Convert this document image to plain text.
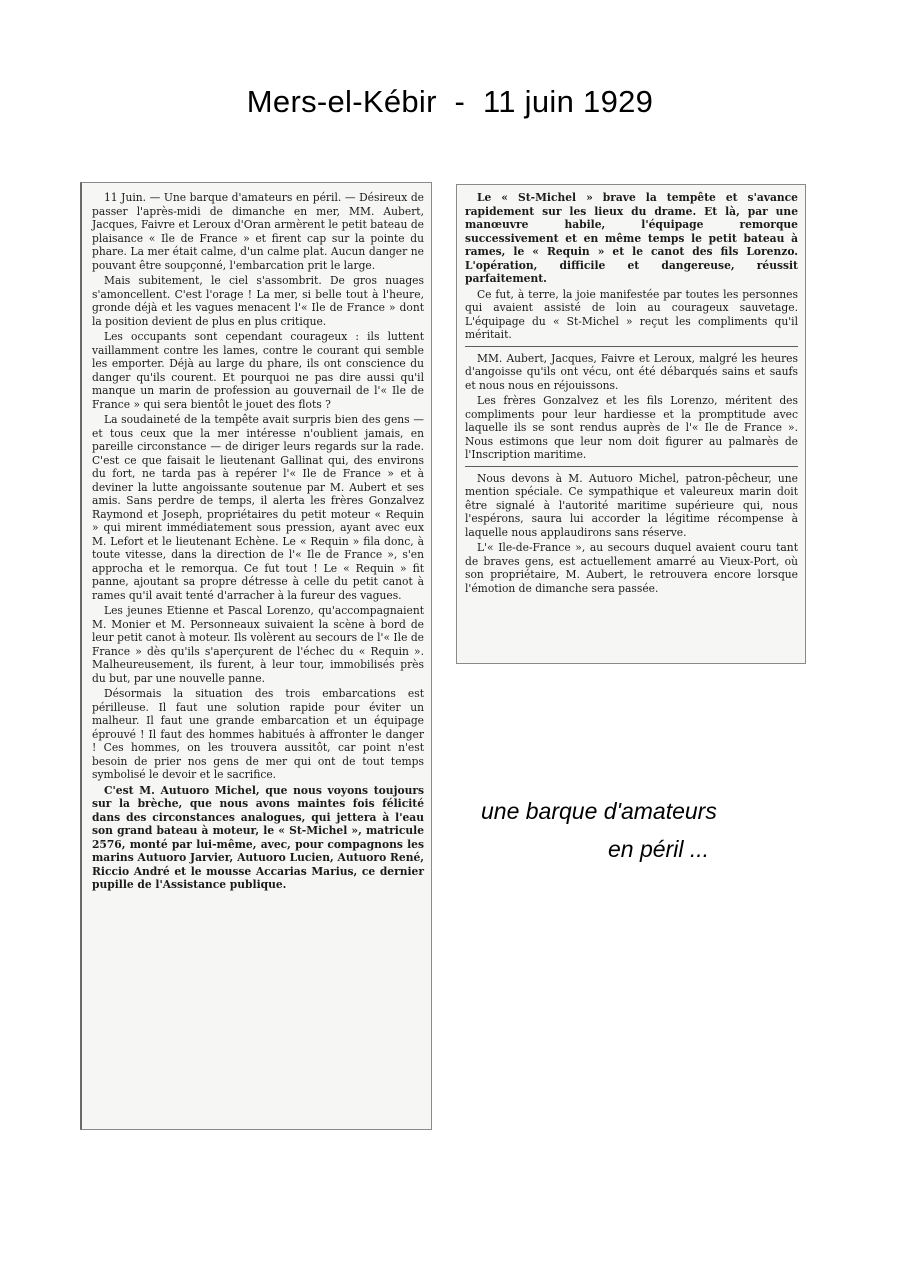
Mers-el-Kébir  -  11 juin 1929

11 Juin. — Une barque d'amateurs en péril. — Désireux de passer l'après-midi de dimanche en mer, MM. Aubert, Jacques, Faivre et Leroux d'Oran armèrent le petit bateau de plaisance « Ile de France » et firent cap sur la pointe du phare. La mer était calme, d'un calme plat. Aucun danger ne pouvant être soupçonné, l'embarcation prit le large.

Mais subitement, le ciel s'assombrit. De gros nuages s'amoncellent. C'est l'orage ! La mer, si belle tout à l'heure, gronde déjà et les vagues menacent l'« Ile de France » dont la position devient de plus en plus critique.

Les occupants sont cependant courageux : ils luttent vaillamment contre les lames, contre le courant qui semble les emporter. Déjà au large du phare, ils ont conscience du danger qu'ils courent. Et pourquoi ne pas dire aussi qu'il manque un marin de profession au gouvernail de l'« Ile de France » qui sera bientôt le jouet des flots ?

La soudaineté de la tempête avait surpris bien des gens — et tous ceux que la mer intéresse n'oublient jamais, en pareille circonstance — de diriger leurs regards sur la rade. C'est ce que faisait le lieutenant Gallinat qui, des environs du fort, ne tarda pas à repérer l'« Ile de France » et à deviner la lutte angoissante soutenue par M. Aubert et ses amis. Sans perdre de temps, il alerta les frères Gonzalvez Raymond et Joseph, propriétaires du petit moteur « Requin » qui mirent immédiatement sous pression, ayant avec eux M. Lefort et le lieutenant Echène. Le « Requin » fila donc, à toute vitesse, dans la direction de l'« Ile de France », s'en approcha et le remorqua. Ce fut tout ! Le « Requin » fit panne, ajoutant sa propre détresse à celle du petit canot à rames qu'il avait tenté d'arracher à la fureur des vagues.

Les jeunes Etienne et Pascal Lorenzo, qu'accompagnaient M. Monier et M. Personneaux suivaient la scène à bord de leur petit canot à moteur. Ils volèrent au secours de l'« Ile de France » dès qu'ils s'aperçurent de l'échec du « Requin ». Malheureusement, ils furent, à leur tour, immobilisés près du but, par une nouvelle panne.

Désormais la situation des trois embarcations est périlleuse. Il faut une solution rapide pour éviter un malheur. Il faut une grande embarcation et un équipage éprouvé ! Il faut des hommes habitués à affronter le danger ! Ces hommes, on les trouvera aussitôt, car point n'est besoin de prier nos gens de mer qui ont de tout temps symbolisé le devoir et le sacrifice.

C'est M. Autuoro Michel, que nous voyons toujours sur la brèche, que nous avons maintes fois félicité dans des circonstances analogues, qui jettera à l'eau son grand bateau à moteur, le « St-Michel », matricule 2576, monté par lui-même, avec, pour compagnons les marins Autuoro Jarvier, Autuoro Lucien, Autuoro René, Riccio André et le mousse Accarias Marius, ce dernier pupille de l'Assistance publique.

Le « St-Michel » brave la tempête et s'avance rapidement sur les lieux du drame. Et là, par une manœuvre habile, l'équipage remorque successivement et en même temps le petit bateau à rames, le « Requin » et le canot des fils Lorenzo. L'opération, difficile et dangereuse, réussit parfaitement.

Ce fut, à terre, la joie manifestée par toutes les personnes qui avaient assisté de loin au courageux sauvetage. L'équipage du « St-Michel » reçut les compliments qu'il méritait.

MM. Aubert, Jacques, Faivre et Leroux, malgré les heures d'angoisse qu'ils ont vécu, ont été débarqués sains et saufs et nous nous en réjouissons.

Les frères Gonzalvez et les fils Lorenzo, méritent des compliments pour leur hardiesse et la promptitude avec laquelle ils se sont rendus auprès de l'« Ile de France ». Nous estimons que leur nom doit figurer au palmarès de l'Inscription maritime.

Nous devons à M. Autuoro Michel, patron-pêcheur, une mention spéciale. Ce sympathique et valeureux marin doit être signalé à l'autorité maritime supérieure qui, nous l'espérons, saura lui accorder la légitime récompense à laquelle nous applaudirons sans réserve.

L'« Ile-de-France », au secours duquel avaient couru tant de braves gens, est actuellement amarré au Vieux-Port, où son propriétaire, M. Aubert, le retrouvera encore lorsque l'émotion de dimanche sera passée.

une barque d'amateurs
en péril ...
